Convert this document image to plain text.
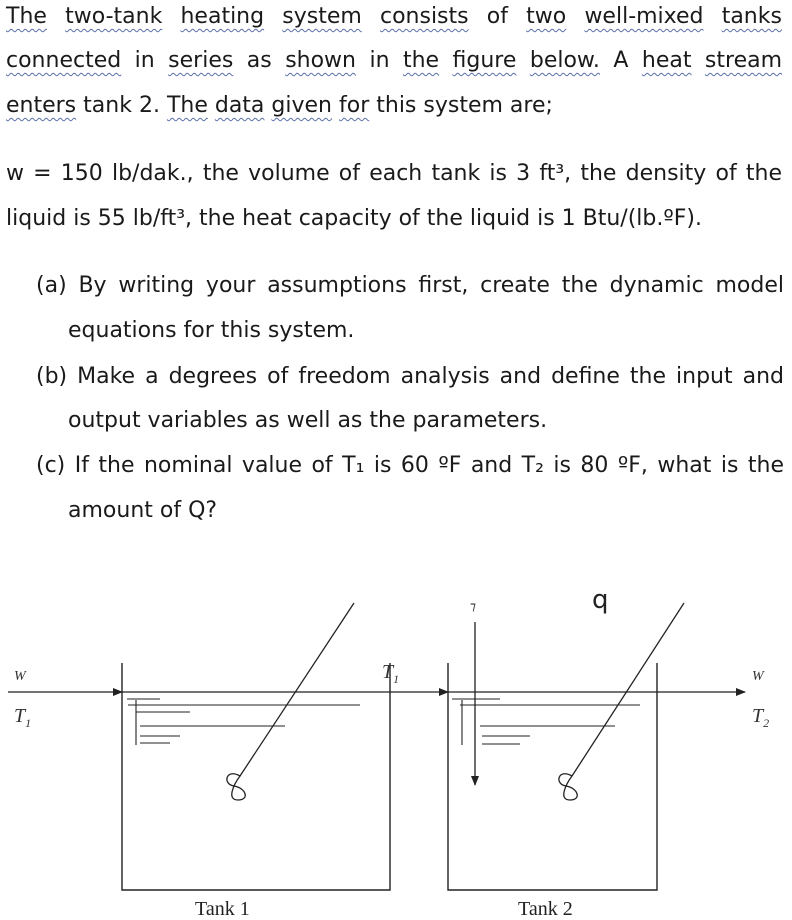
The two-tank heating system consists of two well-mixed tanks
connected in series as shown in the figure below. A heat stream
enters tank 2. The data given for this system are;
w = 150 lb/dak., the volume of each tank is 3 ft³, the density of the
liquid is 55 lb/ft³, the heat capacity of the liquid is 1 Btu/(lb.ºF).
(a) By writing your assumptions first, create the dynamic model
equations for this system.
(b) Make a degrees of freedom analysis and define the input and
output variables as well as the parameters.
(c) If the nominal value of T₁ is 60 ºF and T₂ is 80 ºF, what is the
amount of Q?
W
$T_1$
$T_1$	W
$T_2$
⁊	q
Tank 1	Tank 2
